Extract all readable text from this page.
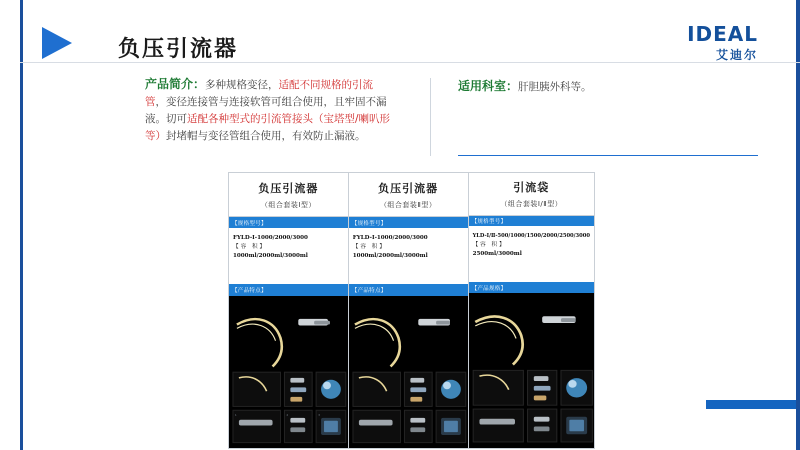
负压引流器
IDEAL
艾迪尔
产品简介：多种规格变径，适配不同规格的引流管，变径连接管与连接软管可组合使用，且牢固不漏液。切可适配各种型式的引流管接头（宝塔型/喇叭形等）封堵帽与变径管组合使用，有效防止漏液。
适用科室：肝胆胰外科等。
负压引流器
（组合套装Ⅰ型）
【规格型号】
FYLD-Ⅰ-1000/2000/3000
【容 积】
1000ml/2000ml/3000ml
【产品特点】
1	2	3
负压引流器
（组合套装Ⅱ型）
【规格型号】
FYLD-Ⅰ-1000/2000/3000
【容 积】
1000ml/2000ml/3000ml
【产品特点】
引流袋
（组合套装Ⅰ/Ⅱ型）
【规格型号】
YLD-Ⅰ/Ⅱ-500/1000/1500/2000/2500/3000
【容 积】
2500ml/3000ml
【产品规格】
